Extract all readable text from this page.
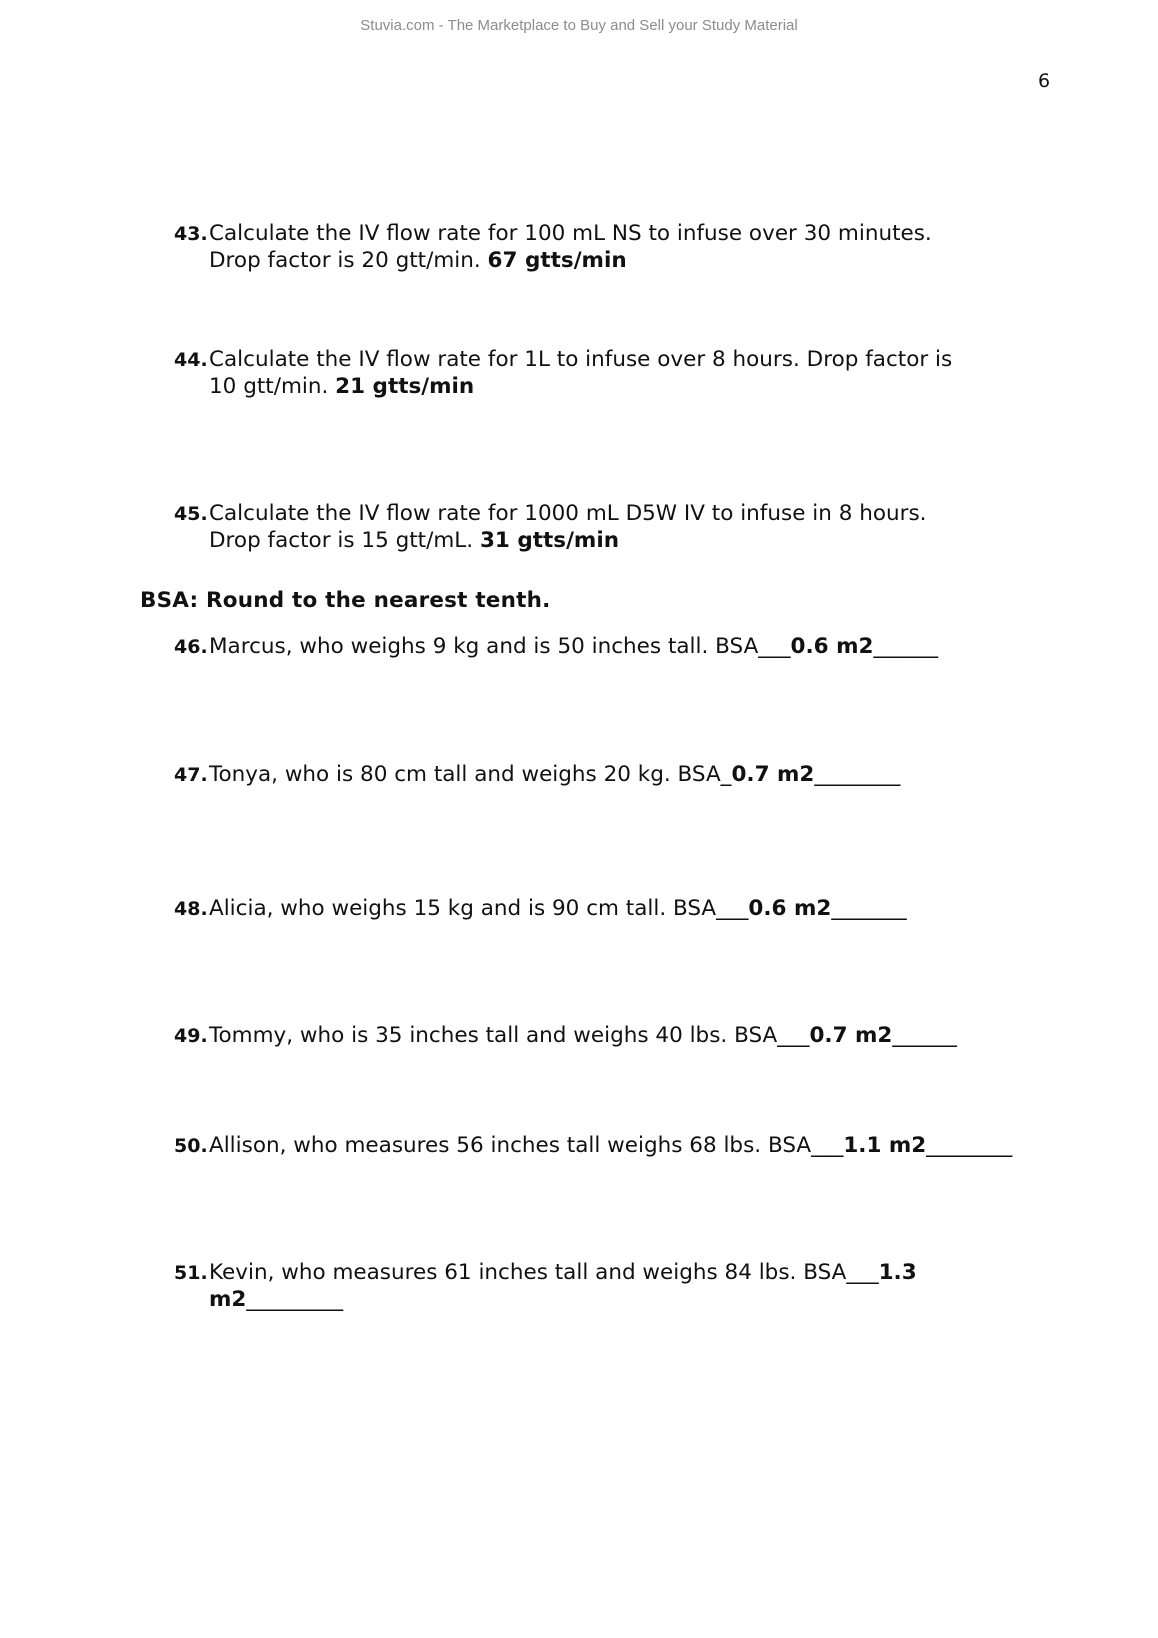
Stuvia.com - The Marketplace to Buy and Sell your Study Material
6
43. Calculate the IV flow rate for 100 mL NS to infuse over 30 minutes. Drop factor is 20 gtt/min. 67 gtts/min
44. Calculate the IV flow rate for 1L to infuse over 8 hours. Drop factor is 10 gtt/min. 21 gtts/min
45. Calculate the IV flow rate for 1000 mL D5W IV to infuse in 8 hours. Drop factor is 15 gtt/mL. 31 gtts/min
BSA: Round to the nearest tenth.
46. Marcus, who weighs 9 kg and is 50 inches tall. BSA___0.6 m2______
47. Tonya, who is 80 cm tall and weighs 20 kg. BSA_0.7 m2________
48. Alicia, who weighs 15 kg and is 90 cm tall. BSA___0.6 m2_______
49. Tommy, who is 35 inches tall and weighs 40 lbs. BSA___0.7 m2______
50. Allison, who measures 56 inches tall weighs 68 lbs. BSA___1.1 m2________
51. Kevin, who measures 61 inches tall and weighs 84 lbs. BSA___1.3 m2_________
